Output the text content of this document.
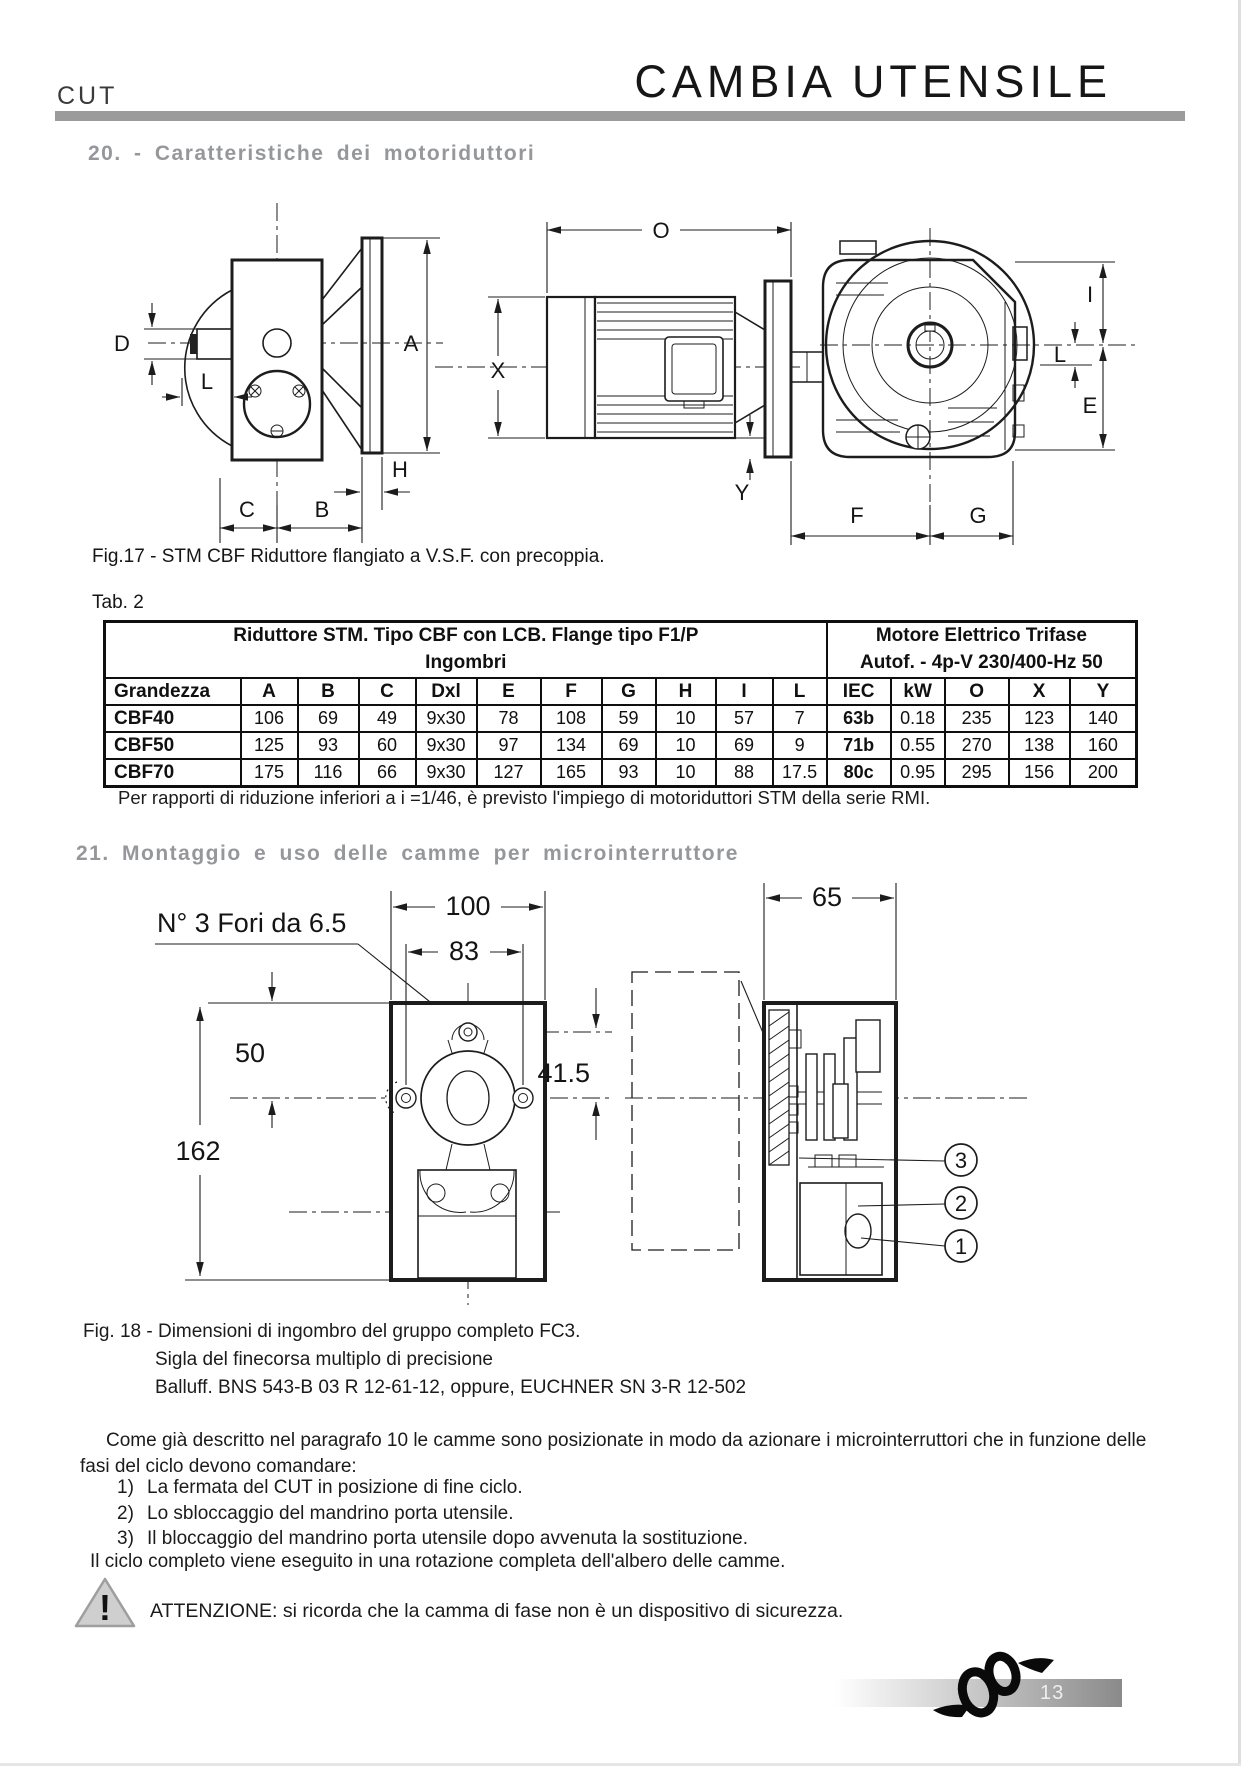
CUT	CAMBIA UTENSILE
20. - Caratteristiche dei motoriduttori
D
L
A
H
C	B
O
X
Y
I
L
E
F	G
Fig.17 - STM CBF Riduttore flangiato a V.S.F. con precoppia.
Tab. 2
Riduttore STM. Tipo CBF con LCB. Flange tipo F1/P
Ingombri

Motore Elettrico Trifase
Autof. - 4p-V 230/400-Hz 50

Grandezza	A	B	C	Dxl	E	F	G	H	I	L	IEC	kW	O	X	Y
CBF40	106	69	49	9x30	78	108	59	10	57	7	63b	0.18	235	123	140
CBF50	125	93	60	9x30	97	134	69	10	69	9	71b	0.55	270	138	160
CBF70	175	116	66	9x30	127	165	93	10	88	17.5	80c	0.95	295	156	200
Per rapporti di riduzione inferiori a i =1/46, è previsto l'impiego di motoriduttori STM della serie RMI.
21. Montaggio e uso delle camme per microinterruttore
N° 3 Fori da 6.5
100
83
50
162
41.5
65
3
2
1
Fig. 18 - Dimensioni di ingombro del gruppo completo FC3.
Sigla del finecorsa multiplo di precisione
Balluff. BNS 543-B 03 R 12-61-12, oppure, EUCHNER SN 3-R 12-502
Come già descritto nel paragrafo 10 le camme sono posizionate in modo da azionare i microinterruttori che in funzione delle fasi del ciclo devono comandare:
1) La fermata del CUT in posizione di fine ciclo.
2) Lo sbloccaggio del mandrino porta utensile.
3) Il bloccaggio del mandrino porta utensile dopo avvenuta la sostituzione.
Il ciclo completo viene eseguito in una rotazione completa dell'albero delle camme.
! ATTENZIONE: si ricorda che la camma di fase non è un dispositivo di sicurezza.
13
